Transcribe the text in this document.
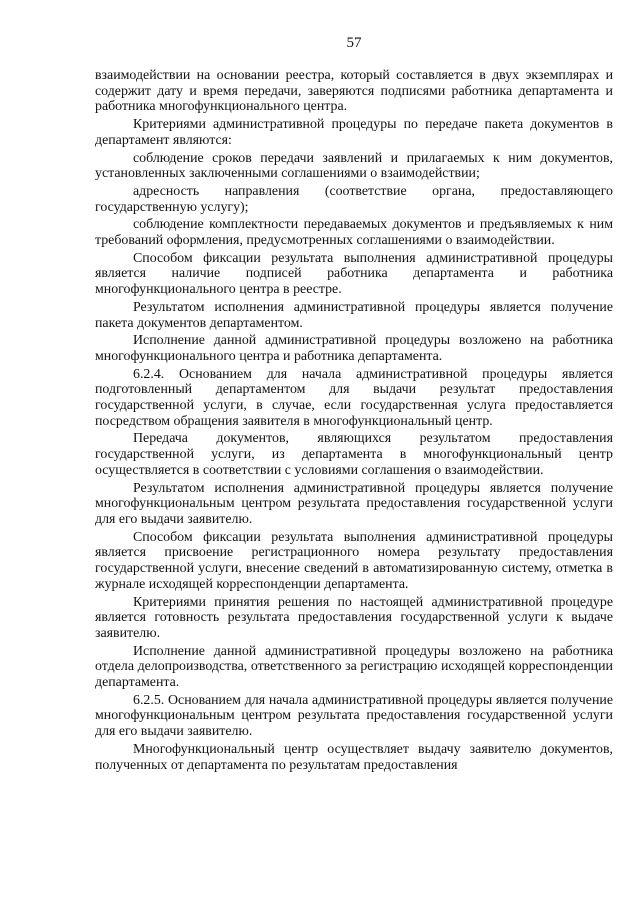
57

взаимодействии на основании реестра, который составляется в двух экземплярах и содержит дату и время передачи, заверяются подписями работника департамента и работника многофункционального центра.

Критериями административной процедуры по передаче пакета документов в департамент являются:

соблюдение сроков передачи заявлений и прилагаемых к ним документов, установленных заключенными соглашениями о взаимодействии;

адресность направления (соответствие органа, предоставляющего государственную услугу);

соблюдение комплектности передаваемых документов и предъявляемых к ним требований оформления, предусмотренных соглашениями о взаимодействии.

Способом фиксации результата выполнения административной процедуры является наличие подписей работника департамента и работника многофункционального центра в реестре.

Результатом исполнения административной процедуры является получение пакета документов департаментом.

Исполнение данной административной процедуры возложено на работника многофункционального центра и работника департамента.

6.2.4. Основанием для начала административной процедуры является подготовленный департаментом для выдачи результат предоставления государственной услуги, в случае, если государственная услуга предоставляется посредством обращения заявителя в многофункциональный центр.

Передача документов, являющихся результатом предоставления государственной услуги, из департамента в многофункциональный центр осуществляется в соответствии с условиями соглашения о взаимодействии.

Результатом исполнения административной процедуры является получение многофункциональным центром результата предоставления государственной услуги для его выдачи заявителю.

Способом фиксации результата выполнения административной процедуры является присвоение регистрационного номера результату предоставления государственной услуги, внесение сведений в автоматизированную систему, отметка в журнале исходящей корреспонденции департамента.

Критериями принятия решения по настоящей административной процедуре является готовность результата предоставления государственной услуги к выдаче заявителю.

Исполнение данной административной процедуры возложено на работника отдела делопроизводства, ответственного за регистрацию исходящей корреспонденции департамента.

6.2.5. Основанием для начала административной процедуры является получение многофункциональным центром результата предоставления государственной услуги для его выдачи заявителю.

Многофункциональный центр осуществляет выдачу заявителю документов, полученных от департамента по результатам предоставления
